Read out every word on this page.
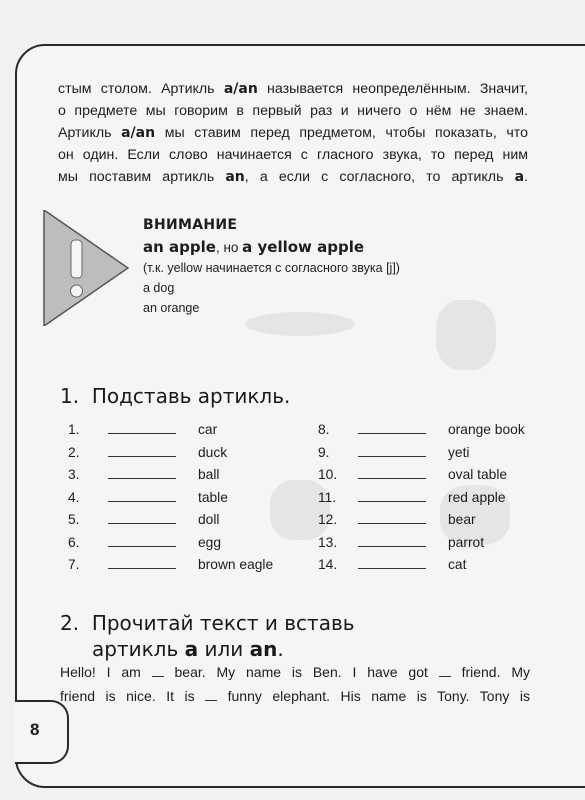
стым столом. Артикль a/an называется неопределённым. Значит,
о предмете мы говорим в первый раз и ничего о нём не знаем.
Артикль a/an мы ставим перед предметом, чтобы показать, что
он один. Если слово начинается с гласного звука, то перед ним
мы поставим артикль an, а если с согласного, то артикль a.
ВНИМАНИЕ
an apple, но a yellow apple
(т.к. yellow начинается с согласного звука [j])
a dog
an orange
1. Подставь артикль.
1.	car
2.	duck
3.	ball
4.	table
5.	doll
6.	egg
7.	brown eagle
8.	orange book
9.	yeti
10.	oval table
11.	red apple
12.	bear
13.	parrot
14.	cat
2. Прочитай текст и вставь
артикль a или an.
Hello! I am  bear. My name is Ben. I have got  friend. My
friend is nice. It is  funny elephant. His name is Tony. Tony is
8
